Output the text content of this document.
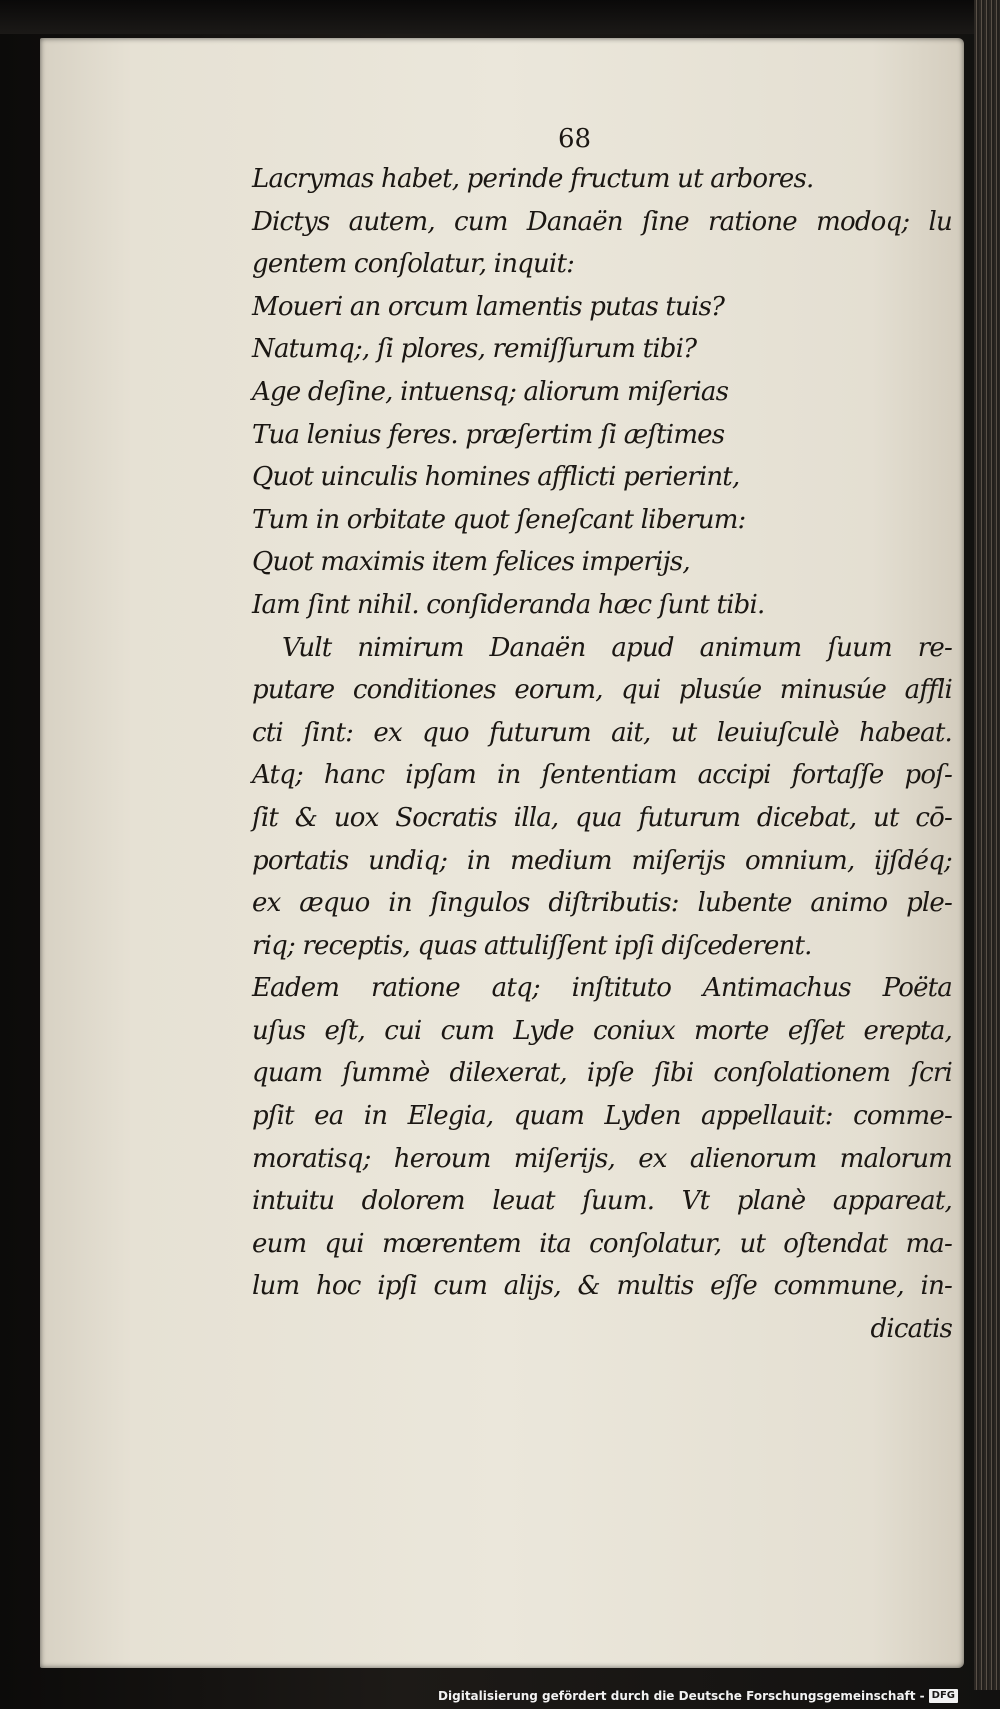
68
Lacrymas habet, perinde fructum ut arbores.
Dictys autem, cum Danaën ſine ratione modoq; lu
gentem conſolatur, inquit:
Moueri an orcum lamentis putas tuis?
Natumq;, ſi plores, remiſſurum tibi?
Age deſine, intuensq; aliorum miſerias
Tua lenius feres. præſertim ſi æſtimes
Quot uinculis homines afflicti perierint,
Tum in orbitate quot ſeneſcant liberum:
Quot maximis item felices imperijs,
Iam ſint nihil. conſideranda hæc ſunt tibi.
Vult nimirum Danaën apud animum ſuum re-
putare conditiones eorum, qui plusúe minusúe affli
cti ſint: ex quo futurum ait, ut leuiuſculè habeat.
Atq; hanc ipſam in ſententiam accipi fortaſſe poſ-
ſit & uox Socratis illa, qua futurum dicebat, ut cō-
portatis undiq; in medium miſerijs omnium, ijſdéq;
ex æquo in ſingulos diſtributis: lubente animo ple-
riq; receptis, quas attuliſſent ipſi diſcederent.
Eadem ratione atq; inſtituto Antimachus Poëta
uſus eſt, cui cum Lyde coniux morte eſſet erepta,
quam ſummè dilexerat, ipſe ſibi conſolationem ſcri
pſit ea in Elegia, quam Lyden appellauit: comme-
moratisq; heroum miſerijs, ex alienorum malorum
intuitu dolorem leuat ſuum. Vt planè appareat,
eum qui mœrentem ita conſolatur, ut oſtendat ma-
lum hoc ipſi cum alijs, & multis eſſe commune, in-
dicatis
Digitalisierung gefördert durch die Deutsche Forschungsgemeinschaft - DFG
